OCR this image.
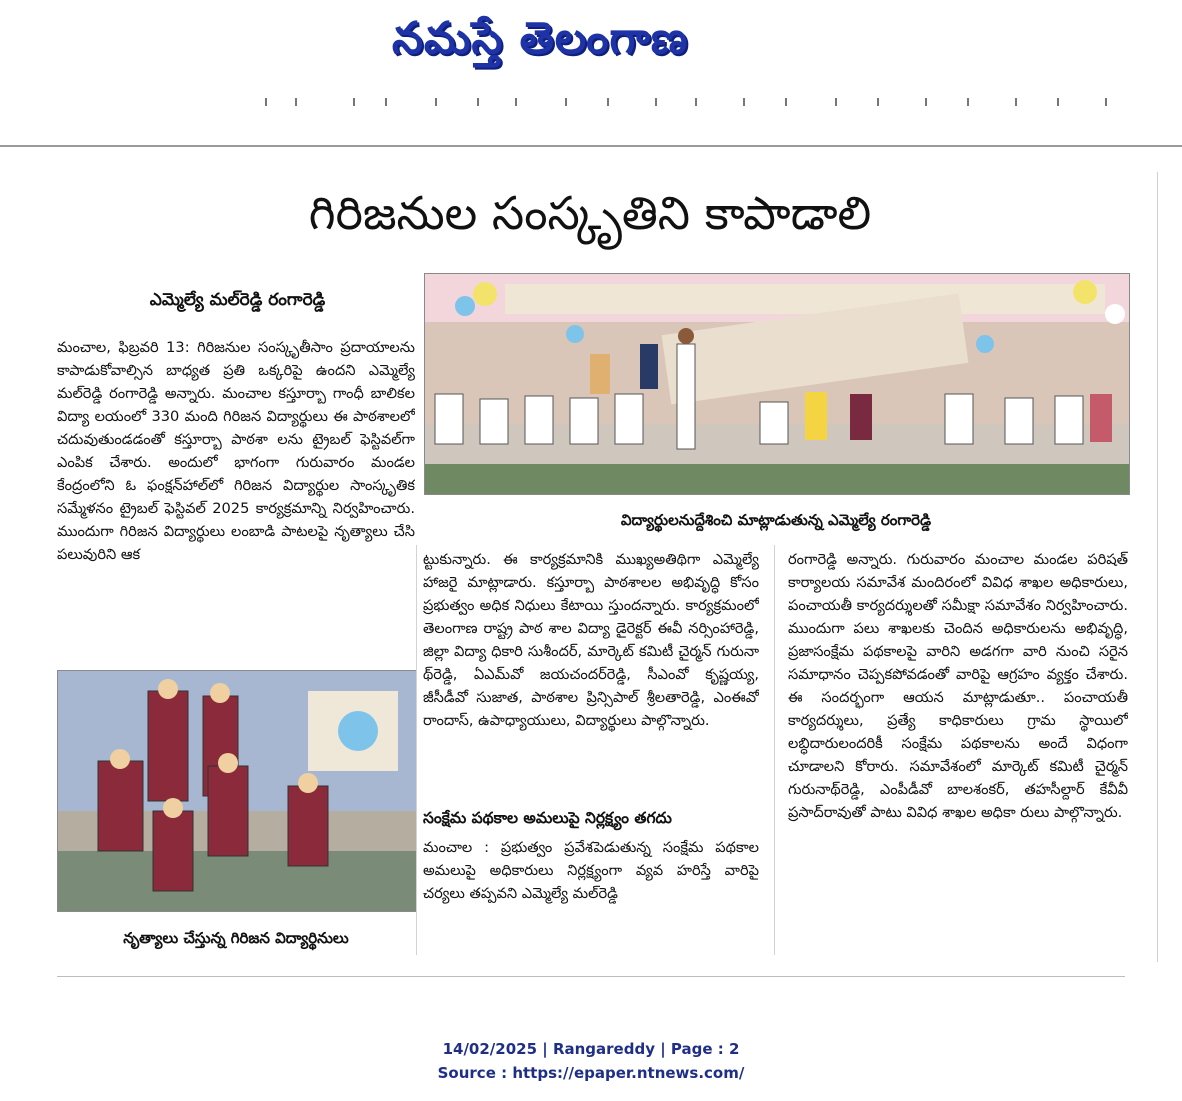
నమస్తే తెలంగాణ
గిరిజనుల సంస్కృతిని కాపాడాలి
ఎమ్మెల్యే మల్‌రెడ్డి రంగారెడ్డి

మంచాల, ఫిబ్రవరి 13: గిరిజనుల సంస్కృతీసాం ప్రదాయాలను కాపాడుకోవాల్సిన బాధ్యత ప్రతి ఒక్కరిపై ఉందని ఎమ్మెల్యే మల్‌రెడ్డి రంగారెడ్డి అన్నారు. మంచాల కస్తూర్బా గాంధీ బాలికల విద్యా లయంలో 330 మంది గిరిజన విద్యార్థులు ఈ పాఠశాలలో చదువుతుండడంతో కస్తూర్బా పాఠశా లను ట్రైబల్ ఫెస్టివల్‌గా ఎంపిక చేశారు. అందులో భాగంగా గురువారం మండల కేంద్రంలోని ఓ ఫంక్షన్‌హాల్‌లో గిరిజన విద్యార్థుల సాంస్కృతిక సమ్మేళనం ట్రైబల్ ఫెస్టివల్ 2025 కార్యక్రమాన్ని నిర్వహించారు. ముందుగా గిరిజన విద్యార్థులు లంబాడి పాటలపై నృత్యాలు చేసి పలువురిని ఆక

విద్యార్థులనుద్దేశించి మాట్లాడుతున్న ఎమ్మెల్యే రంగారెడ్డి
నృత్యాలు చేస్తున్న గిరిజన విద్యార్థినులు

ట్టుకున్నారు. ఈ కార్యక్రమానికి ముఖ్యఅతిథిగా ఎమ్మెల్యే హాజరై మాట్లాడారు. కస్తూర్బా పాఠశాలల అభివృద్ధి కోసం ప్రభుత్వం అధిక నిధులు కేటాయి స్తుందన్నారు. కార్యక్రమంలో తెలంగాణ రాష్ట్ర పాఠ శాల విద్యా డైరెక్టర్ ఈవీ నర్సింహారెడ్డి, జిల్లా విద్యా ధికారి సుశీందర్, మార్కెట్ కమిటీ చైర్మన్ గురునా థ్‌రెడ్డి, ఏఎమ్‌వో జయచందర్‌రెడ్డి, సీఎంవో కృష్ణయ్య, జీసీడీవో సుజాత, పాఠశాల ప్రిన్సిపాల్ శ్రీలతారెడ్డి, ఎంఈవో రాందాస్, ఉపాధ్యాయులు, విద్యార్థులు పాల్గొన్నారు.

సంక్షేమ పథకాల అమలుపై నిర్లక్ష్యం తగదు

మంచాల : ప్రభుత్వం ప్రవేశపెడుతున్న సంక్షేమ పథకాల అమలుపై అధికారులు నిర్లక్ష్యంగా వ్యవ హరిస్తే వారిపై చర్యలు తప్పవని ఎమ్మెల్యే మల్‌రెడ్డి

రంగారెడ్డి అన్నారు. గురువారం మంచాల మండల పరిషత్ కార్యాలయ సమావేశ మందిరంలో వివిధ శాఖల అధికారులు, పంచాయతీ కార్యదర్శులతో సమీక్షా సమావేశం నిర్వహించారు. ముందుగా పలు శాఖలకు చెందిన అధికారులను అభివృద్ధి, ప్రజాసంక్షేమ పథకాలపై వారిని అడగగా వారి నుంచి సరైన సమాధానం చెప్పకపోవడంతో వారిపై ఆగ్రహం వ్యక్తం చేశారు. ఈ సందర్భంగా ఆయన మాట్లాడుతూ.. పంచాయతీ కార్యదర్శులు, ప్రత్యే కాధికారులు గ్రామ స్థాయిలో లబ్ధిదారులందరికీ సంక్షేమ పథకాలను అందే విధంగా చూడాలని కోరారు. సమావేశంలో మార్కెట్ కమిటీ చైర్మన్ గురునాథ్‌రెడ్డి, ఎంపీడీవో బాలశంకర్, తహసీల్దార్ కేవీవీ ప్రసాద్‌రావుతో పాటు వివిధ శాఖల అధికా రులు పాల్గొన్నారు.

14/02/2025 | Rangareddy | Page : 2
Source : https://epaper.ntnews.com/
